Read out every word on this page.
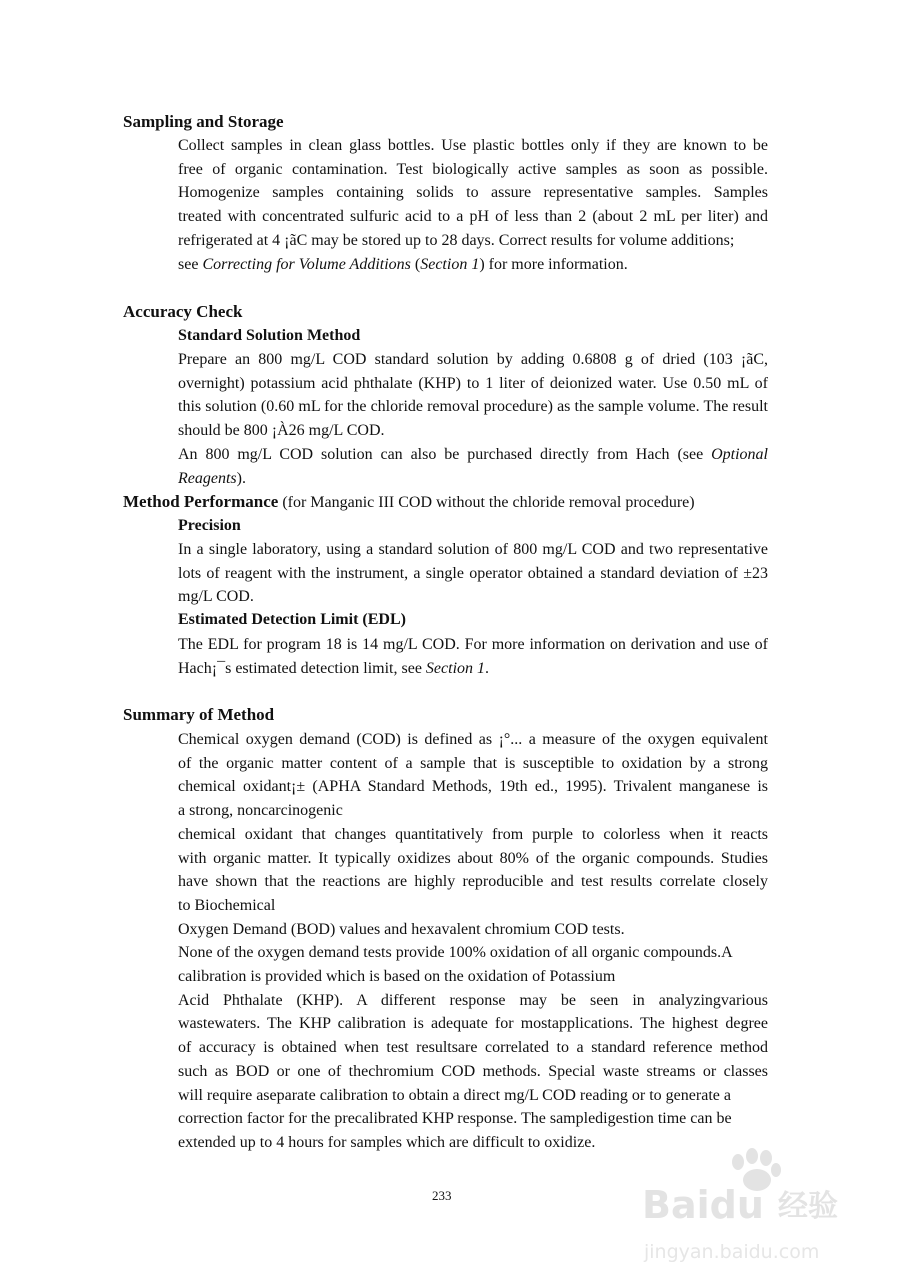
Sampling and Storage
Collect samples in clean glass bottles. Use plastic bottles only if they are known to be
free of organic contamination. Test biologically active samples as soon as possible.
Homogenize samples containing solids to assure representative samples. Samples
treated with concentrated sulfuric acid to a pH of less than 2 (about 2 mL per liter) and
refrigerated at 4 ¡ãC may be stored up to 28 days. Correct results for volume additions;
see Correcting for Volume Additions (Section 1) for more information.
Accuracy Check
Standard Solution Method

Prepare an 800 mg/L COD standard solution by adding 0.6808 g of dried (103 ¡ãC, overnight) potassium acid phthalate (KHP) to 1 liter of deionized water. Use 0.50 mL of this solution (0.60 mL for the chloride removal procedure) as the sample volume. The result should be 800 ¡À26 mg/L COD.

An 800 mg/L COD solution can also be purchased directly from Hach (see Optional Reagents).

Method Performance (for Manganic III COD without the chloride removal procedure)
Precision

In a single laboratory, using a standard solution of 800 mg/L COD and two representative lots of reagent with the instrument, a single operator obtained a standard deviation of ±23 mg/L COD.

Estimated Detection Limit (EDL)

The EDL for program 18 is 14 mg/L COD. For more information on derivation and use of Hach¡¯s estimated detection limit, see Section 1.

Summary of Method
Chemical oxygen demand (COD) is defined as ¡°... a measure of the oxygen equivalent
of the organic matter content of a sample that is susceptible to oxidation by a strong
chemical oxidant¡± (APHA Standard Methods, 19th ed., 1995). Trivalent manganese is
a strong, noncarcinogenic
chemical oxidant that changes quantitatively from purple to colorless when it reacts
with organic matter. It typically oxidizes about 80% of the organic compounds. Studies
have shown that the reactions are highly reproducible and test results correlate closely
to Biochemical
Oxygen Demand (BOD) values and hexavalent chromium COD tests.
None of the oxygen demand tests provide 100% oxidation of all organic compounds.A
calibration is provided which is based on the oxidation of Potassium
Acid Phthalate (KHP). A different response may be seen in analyzingvarious
wastewaters. The KHP calibration is adequate for mostapplications. The highest degree
of accuracy is obtained when test resultsare correlated to a standard reference method
such as BOD or one of thechromium COD methods. Special waste streams or classes
will require aseparate calibration to obtain a direct mg/L COD reading or to generate a
correction factor for the precalibrated KHP response. The sampledigestion time can be
extended up to 4 hours for samples which are difficult to oxidize.
233	Baidu 经验
jingyan.baidu.com
